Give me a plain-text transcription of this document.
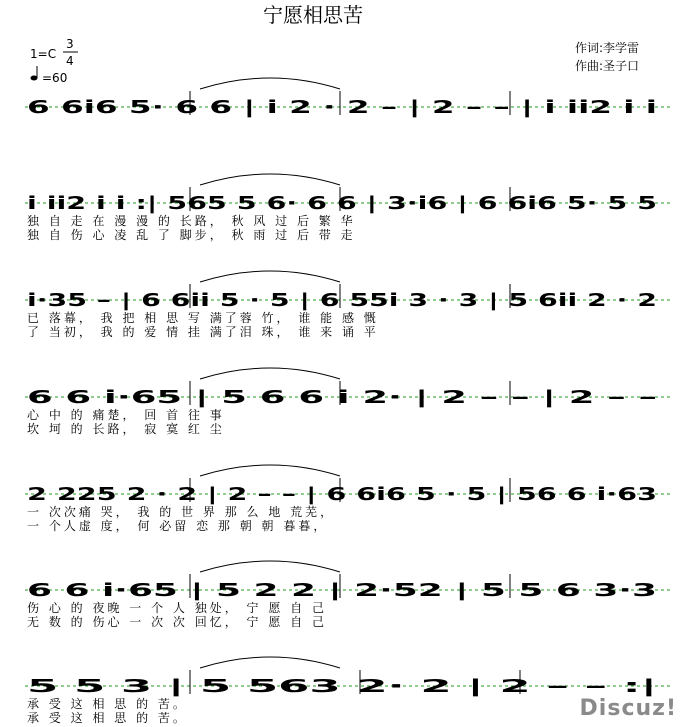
宁愿相思苦
1=C
3
4
=60
作词:李学雷
作曲:圣子口
6 6i6 5· 6 6 | i 2 · 2 – | 2 – – | i ii2 i i
i ii2 i i :| 565 5 6· 6 6 | 3·i6 | 6 6i6 5· 5 5
独 自 走 在 漫 漫 的 长路， 秋 风 过 后 繁 华
独 自 伤 心 凌 乱 了 脚步， 秋 雨 过 后 带 走
i·35 – | 6 6ii 5 · 5 | 6 55i 3 · 3 | 5 6ii 2 · 2
已 落幕， 我 把 相 思 写 满了蓉 竹， 谁 能 感 慨
了 当初， 我 的 爱 情 挂 满了泪 珠， 谁 来 诵 平
6 6 i·65 | 5 6 6 i 2· | 2 – – | 2 – –
心 中 的 痛楚， 回 首 往 事
坎 坷 的 长路， 寂 寞 红 尘
2 225 2 · 2 | 2 – – | 6 6i6 5 · 5 | 56 6 i·63
一 次次痛 哭， 我 的 世 界 那 么 地 荒芜，
一 个人虚 度， 何 必留 恋 那 朝 朝 暮暮，
6 6 i·65 | 5 2 2 | 2·52 | 5 5 6 3·3
伤 心 的 夜晚 一 个 人 独处， 宁 愿 自 己
无 数 的 伤心 一 次 次 回忆， 宁 愿 自 己
5 5 3 | 5 563 2· 2 | 2 – – :|
承 受 这 相 思 的 苦。
承 受 这 相 思 的 苦。	Discuz!
